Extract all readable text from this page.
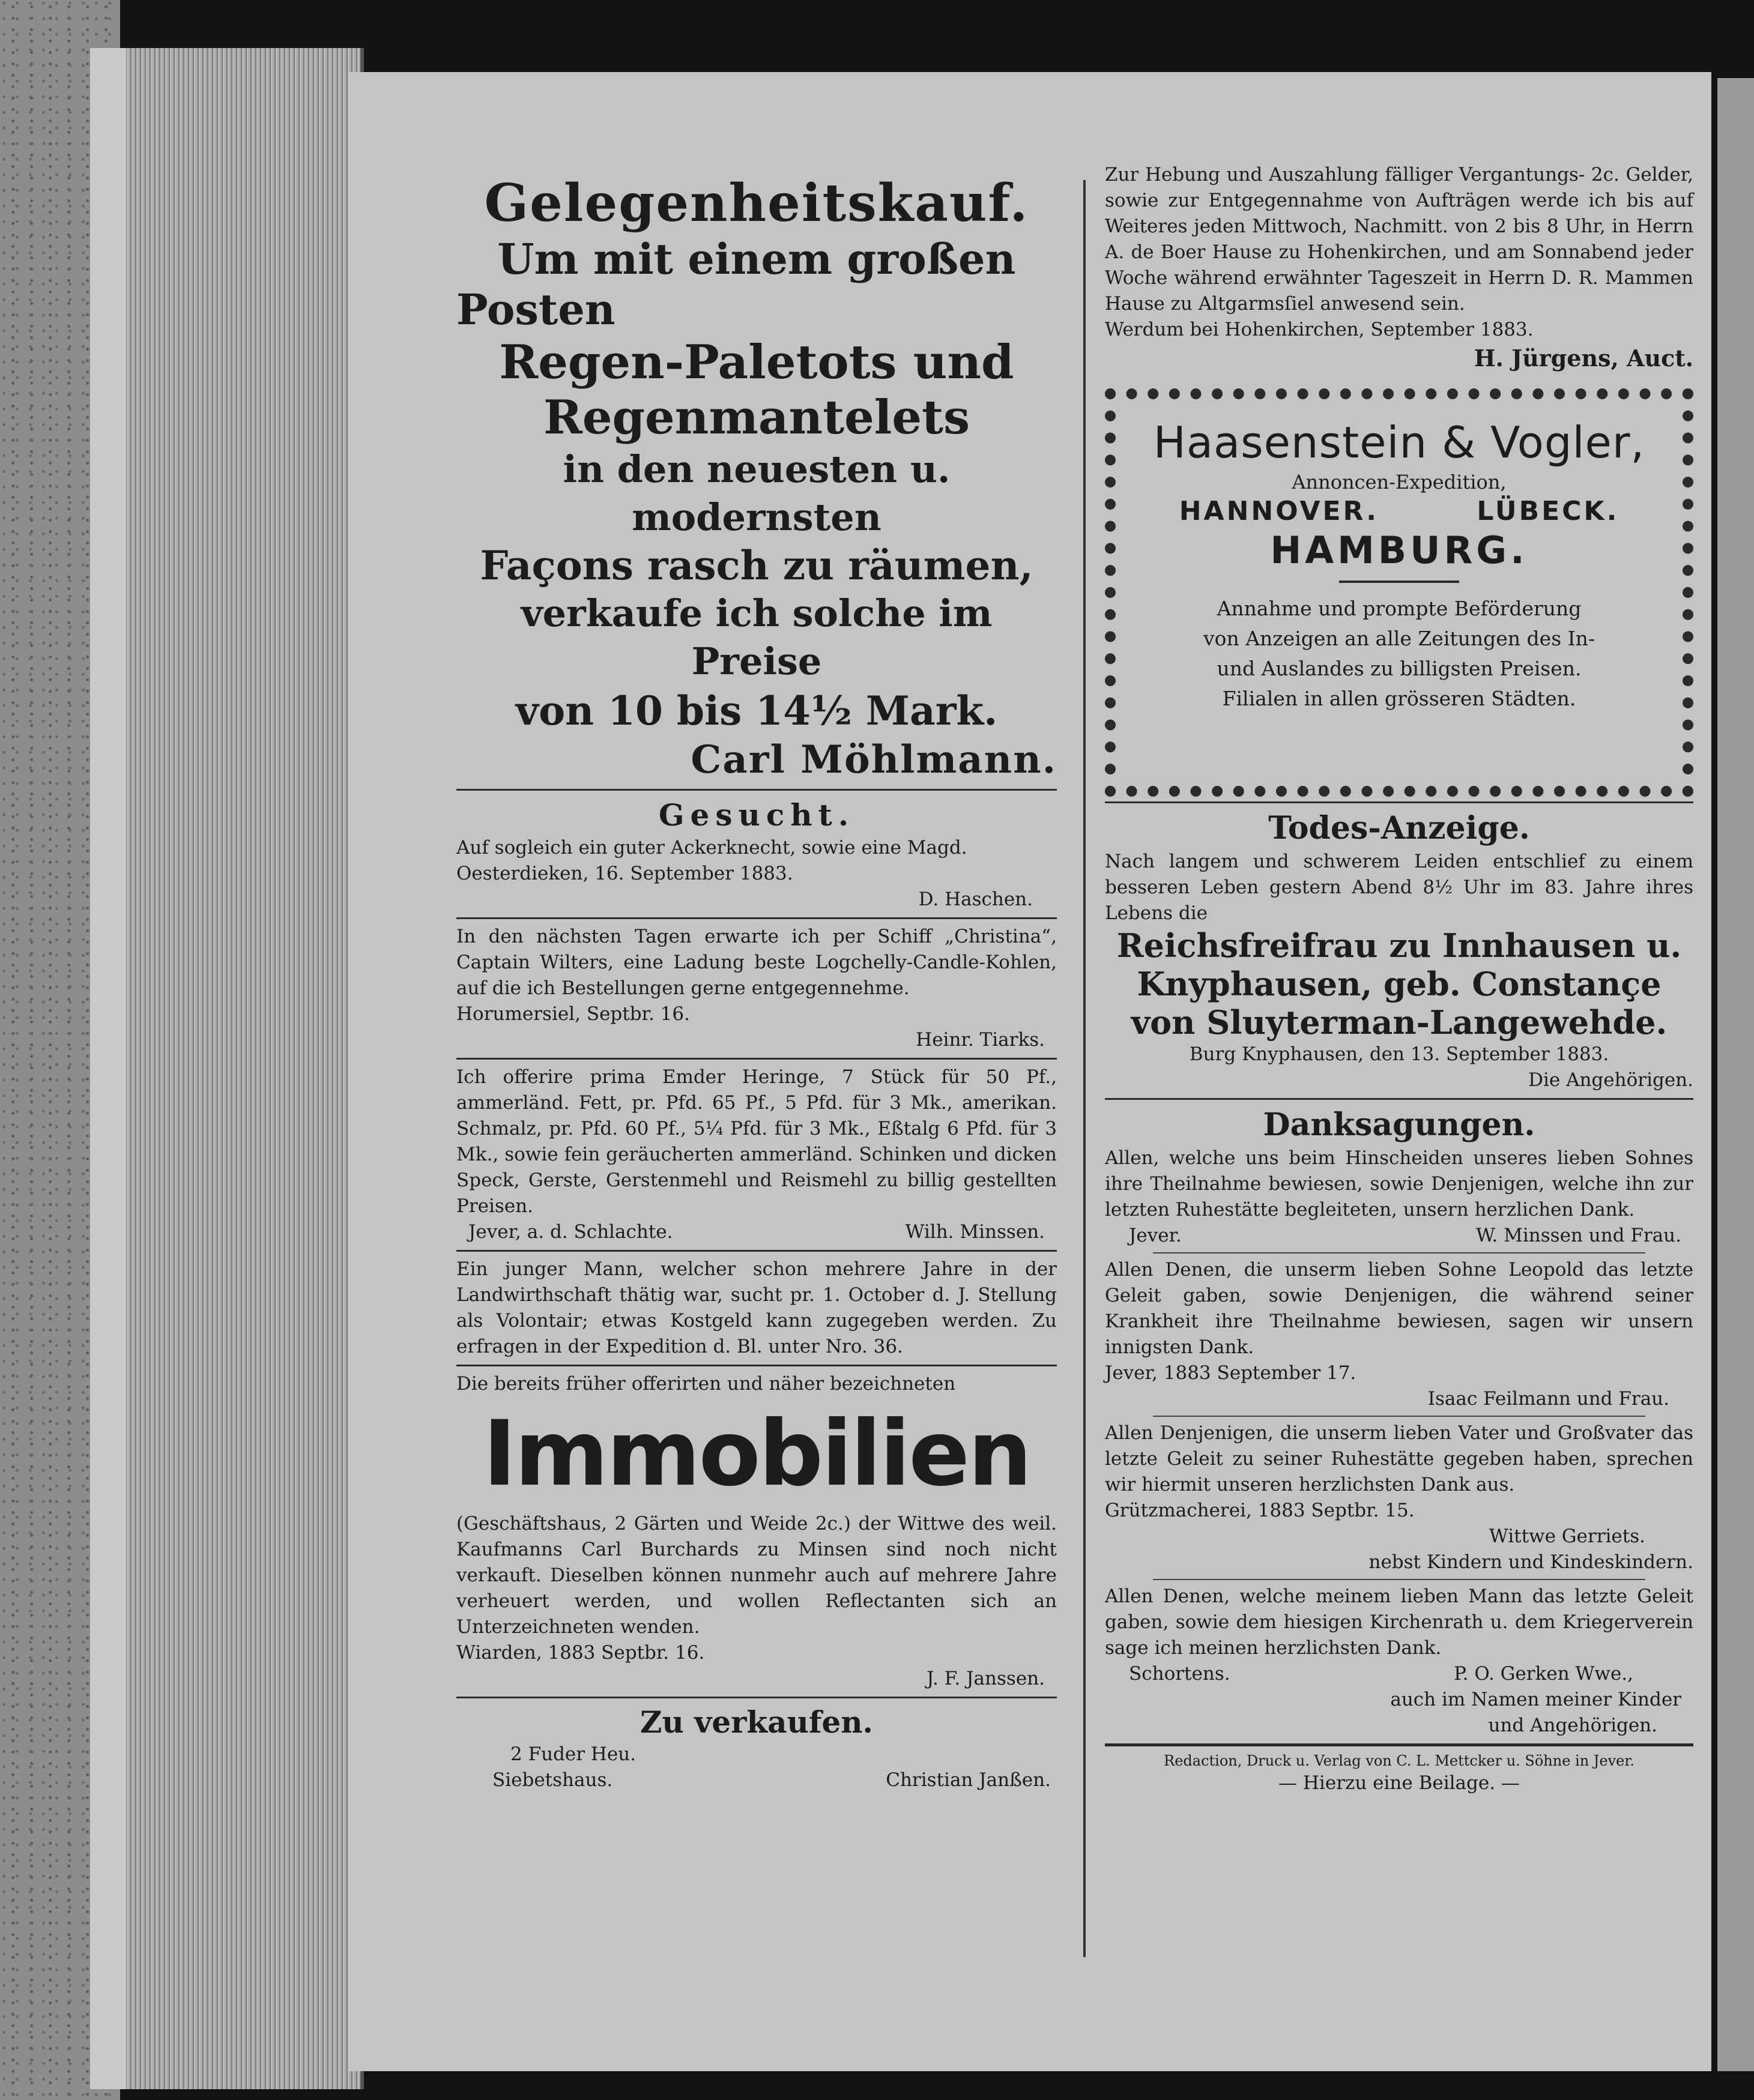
Gelegenheitskauf.
Um mit einem großen
Posten
Regen-Paletots und
Regenmantelets
in den neuesten u. modernsten
Façons rasch zu räumen,
verkaufe ich solche im Preise
von 10 bis 14½ Mark.
Carl Möhlmann.
Gesucht.

Auf sogleich ein guter Ackerknecht, sowie eine Magd.

Oesterdieken, 16. September 1883.

D. Haschen.

In den nächsten Tagen erwarte ich per Schiff „Christina“, Captain Wilters, eine Ladung beste Logchelly-Candle-Kohlen, auf die ich Bestellungen gerne entgegennehme.

Horumersiel, Septbr. 16.

Heinr. Tiarks.

Ich offerire prima Emder Heringe, 7 Stück für 50 Pf., ammerländ. Fett, pr. Pfd. 65 Pf., 5 Pfd. für 3 Mk., amerikan. Schmalz, pr. Pfd. 60 Pf., 5¼ Pfd. für 3 Mk., Eßtalg 6 Pfd. für 3 Mk., sowie fein geräucherten ammerländ. Schinken und dicken Speck, Gerste, Gerstenmehl und Reismehl zu billig gestellten Preisen.

Jever, a. d. Schlachte.	Wilh. Minssen.

Ein junger Mann, welcher schon mehrere Jahre in der Landwirthschaft thätig war, sucht pr. 1. October d. J. Stellung als Volontair; etwas Kostgeld kann zugegeben werden. Zu erfragen in der Expedition d. Bl. unter Nro. 36.

Die bereits früher offerirten und näher bezeichneten

Immobilien

(Geschäftshaus, 2 Gärten und Weide 2c.) der Wittwe des weil. Kaufmanns Carl Burchards zu Minsen sind noch nicht verkauft. Dieselben können nunmehr auch auf mehrere Jahre verheuert werden, und wollen Reflectanten sich an Unterzeichneten wenden.

Wiarden, 1883 Septbr. 16.

J. F. Janssen.

Zu verkaufen.

2 Fuder Heu.

Siebetshaus.	Christian Janßen.

Zur Hebung und Auszahlung fälliger Vergantungs- 2c. Gelder, sowie zur Entgegennahme von Aufträgen werde ich bis auf Weiteres jeden Mittwoch, Nachmitt. von 2 bis 8 Uhr, in Herrn A. de Boer Hause zu Hohenkirchen, und am Sonnabend jeder Woche während erwähnter Tageszeit in Herrn D. R. Mammen Hause zu Altgarmsſiel anwesend sein.

Werdum bei Hohenkirchen, September 1883.

H. Jürgens, Auct.

Haasenstein & Vogler,
Annoncen-Expedition,
HANNOVER.	LÜBECK.
HAMBURG.
Annahme und prompte Beförderung
von Anzeigen an alle Zeitungen des In-
und Auslandes zu billigsten Preisen.
Filialen in allen grösseren Städten.
Todes-Anzeige.

Nach langem und schwerem Leiden entschlief zu einem besseren Leben gestern Abend 8½ Uhr im 83. Jahre ihres Lebens die

Reichsfreifrau zu Innhausen u. Knyphausen, geb. Constançe von Sluyterman-Langewehde.

Burg Knyphausen, den 13. September 1883.

Die Angehörigen.

Danksagungen.

Allen, welche uns beim Hinscheiden unseres lieben Sohnes ihre Theilnahme bewiesen, sowie Denjenigen, welche ihn zur letzten Ruhestätte begleiteten, unsern herzlichen Dank.

Jever.	W. Minssen und Frau.

Allen Denen, die unserm lieben Sohne Leopold das letzte Geleit gaben, sowie Denjenigen, die während seiner Krankheit ihre Theilnahme bewiesen, sagen wir unsern innigsten Dank.

Jever, 1883 September 17.

Isaac Feilmann und Frau.

Allen Denjenigen, die unserm lieben Vater und Großvater das letzte Geleit zu seiner Ruhestätte gegeben haben, sprechen wir hiermit unseren herzlichsten Dank aus.

Grützmacherei, 1883 Septbr. 15.

Wittwe Gerriets.

nebst Kindern und Kindeskindern.

Allen Denen, welche meinem lieben Mann das letzte Geleit gaben, sowie dem hiesigen Kirchenrath u. dem Kriegerverein sage ich meinen herzlichsten Dank.

Schortens.	P. O. Gerken Wwe.,

auch im Namen meiner Kinder

und Angehörigen.

Redaction, Druck u. Verlag von C. L. Mettcker u. Söhne in Jever.

— Hierzu eine Beilage. —
